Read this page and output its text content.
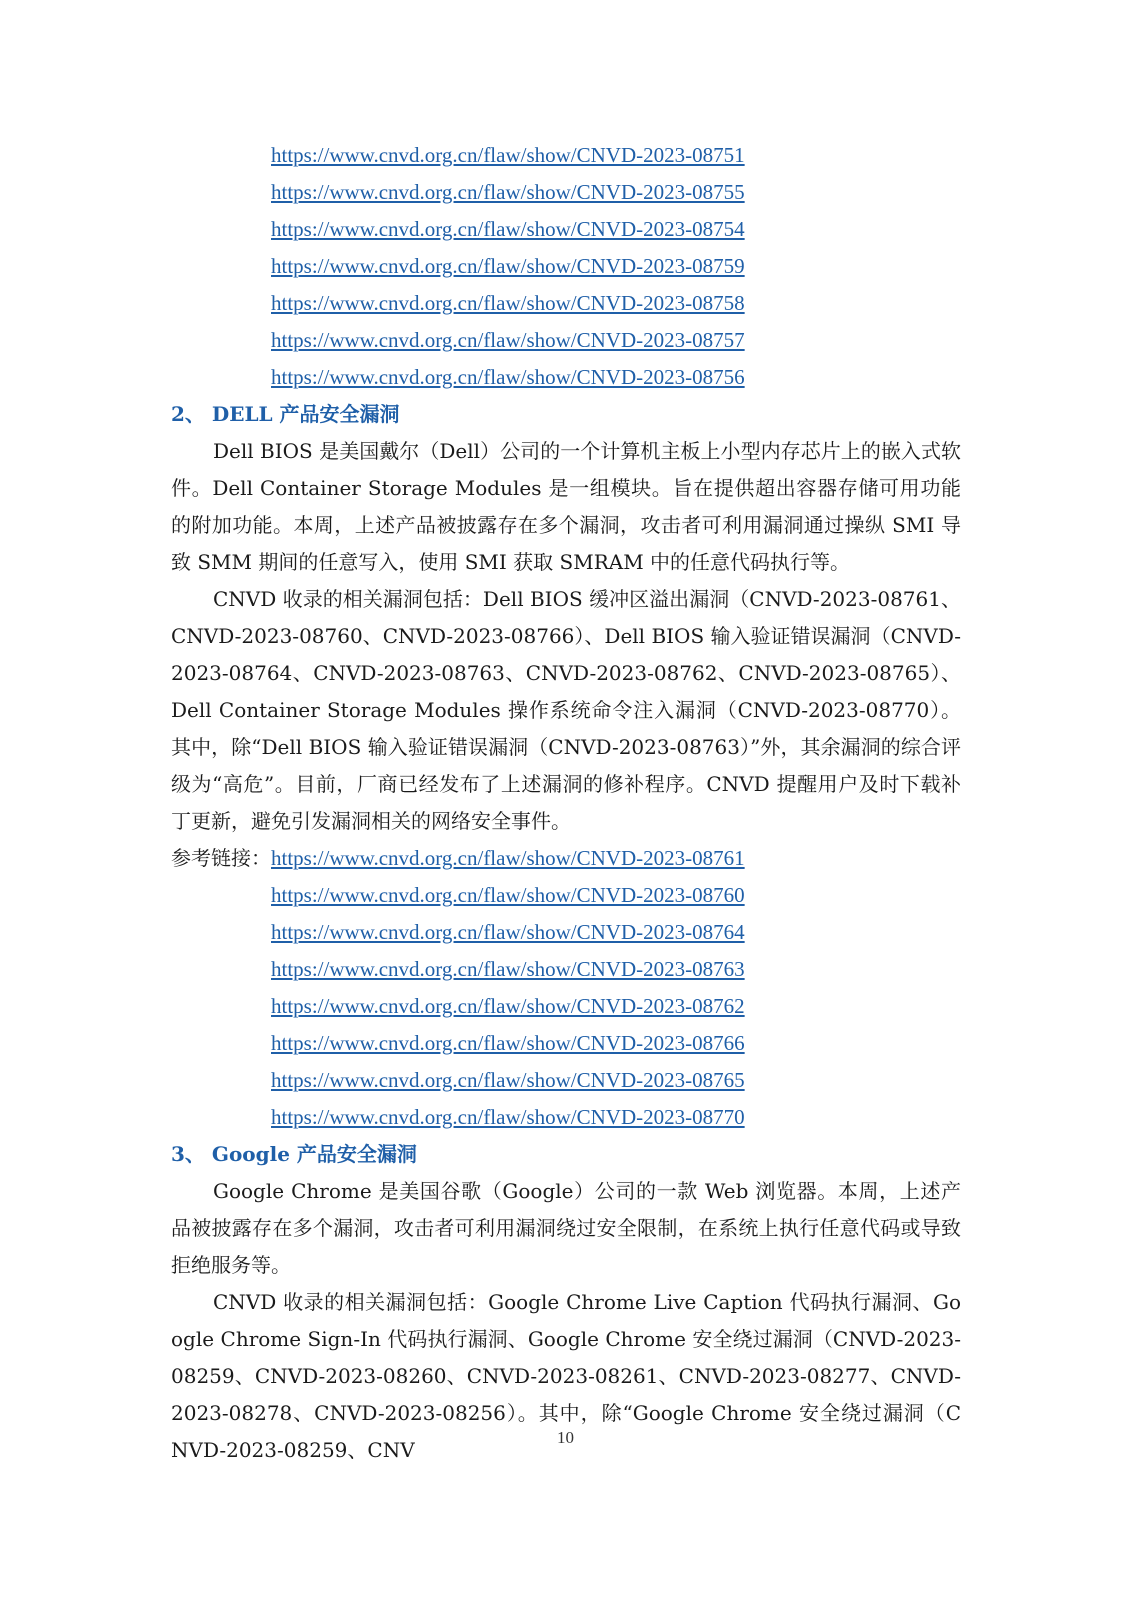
https://www.cnvd.org.cn/flaw/show/CNVD-2023-08751
https://www.cnvd.org.cn/flaw/show/CNVD-2023-08755
https://www.cnvd.org.cn/flaw/show/CNVD-2023-08754
https://www.cnvd.org.cn/flaw/show/CNVD-2023-08759
https://www.cnvd.org.cn/flaw/show/CNVD-2023-08758
https://www.cnvd.org.cn/flaw/show/CNVD-2023-08757
https://www.cnvd.org.cn/flaw/show/CNVD-2023-08756
2、 DELL 产品安全漏洞
Dell BIOS 是美国戴尔（Dell）公司的一个计算机主板上小型内存芯片上的嵌入式软件。Dell Container Storage Modules 是一组模块。旨在提供超出容器存储可用功能的附加功能。本周，上述产品被披露存在多个漏洞，攻击者可利用漏洞通过操纵 SMI 导致 SMM 期间的任意写入，使用 SMI 获取 SMRAM 中的任意代码执行等。
CNVD 收录的相关漏洞包括：Dell BIOS 缓冲区溢出漏洞（CNVD-2023-08761、CNVD-2023-08760、CNVD-2023-08766）、Dell BIOS 输入验证错误漏洞（CNVD-2023-08764、CNVD-2023-08763、CNVD-2023-08762、CNVD-2023-08765）、Dell Container Storage Modules 操作系统命令注入漏洞（CNVD-2023-08770）。其中，除“Dell BIOS 输入验证错误漏洞（CNVD-2023-08763）”外，其余漏洞的综合评级为“高危”。目前，厂商已经发布了上述漏洞的修补程序。CNVD 提醒用户及时下载补丁更新，避免引发漏洞相关的网络安全事件。
参考链接：https://www.cnvd.org.cn/flaw/show/CNVD-2023-08761
https://www.cnvd.org.cn/flaw/show/CNVD-2023-08760
https://www.cnvd.org.cn/flaw/show/CNVD-2023-08764
https://www.cnvd.org.cn/flaw/show/CNVD-2023-08763
https://www.cnvd.org.cn/flaw/show/CNVD-2023-08762
https://www.cnvd.org.cn/flaw/show/CNVD-2023-08766
https://www.cnvd.org.cn/flaw/show/CNVD-2023-08765
https://www.cnvd.org.cn/flaw/show/CNVD-2023-08770
3、 Google 产品安全漏洞
Google Chrome 是美国谷歌（Google）公司的一款 Web 浏览器。本周，上述产品被披露存在多个漏洞，攻击者可利用漏洞绕过安全限制，在系统上执行任意代码或导致拒绝服务等。
CNVD 收录的相关漏洞包括：Google Chrome Live Caption 代码执行漏洞、Google Chrome Sign-In 代码执行漏洞、Google Chrome 安全绕过漏洞（CNVD-2023-08259、CNVD-2023-08260、CNVD-2023-08261、CNVD-2023-08277、CNVD-2023-08278、CNVD-2023-08256）。其中，除“Google Chrome 安全绕过漏洞（CNVD-2023-08259、CNV
10
